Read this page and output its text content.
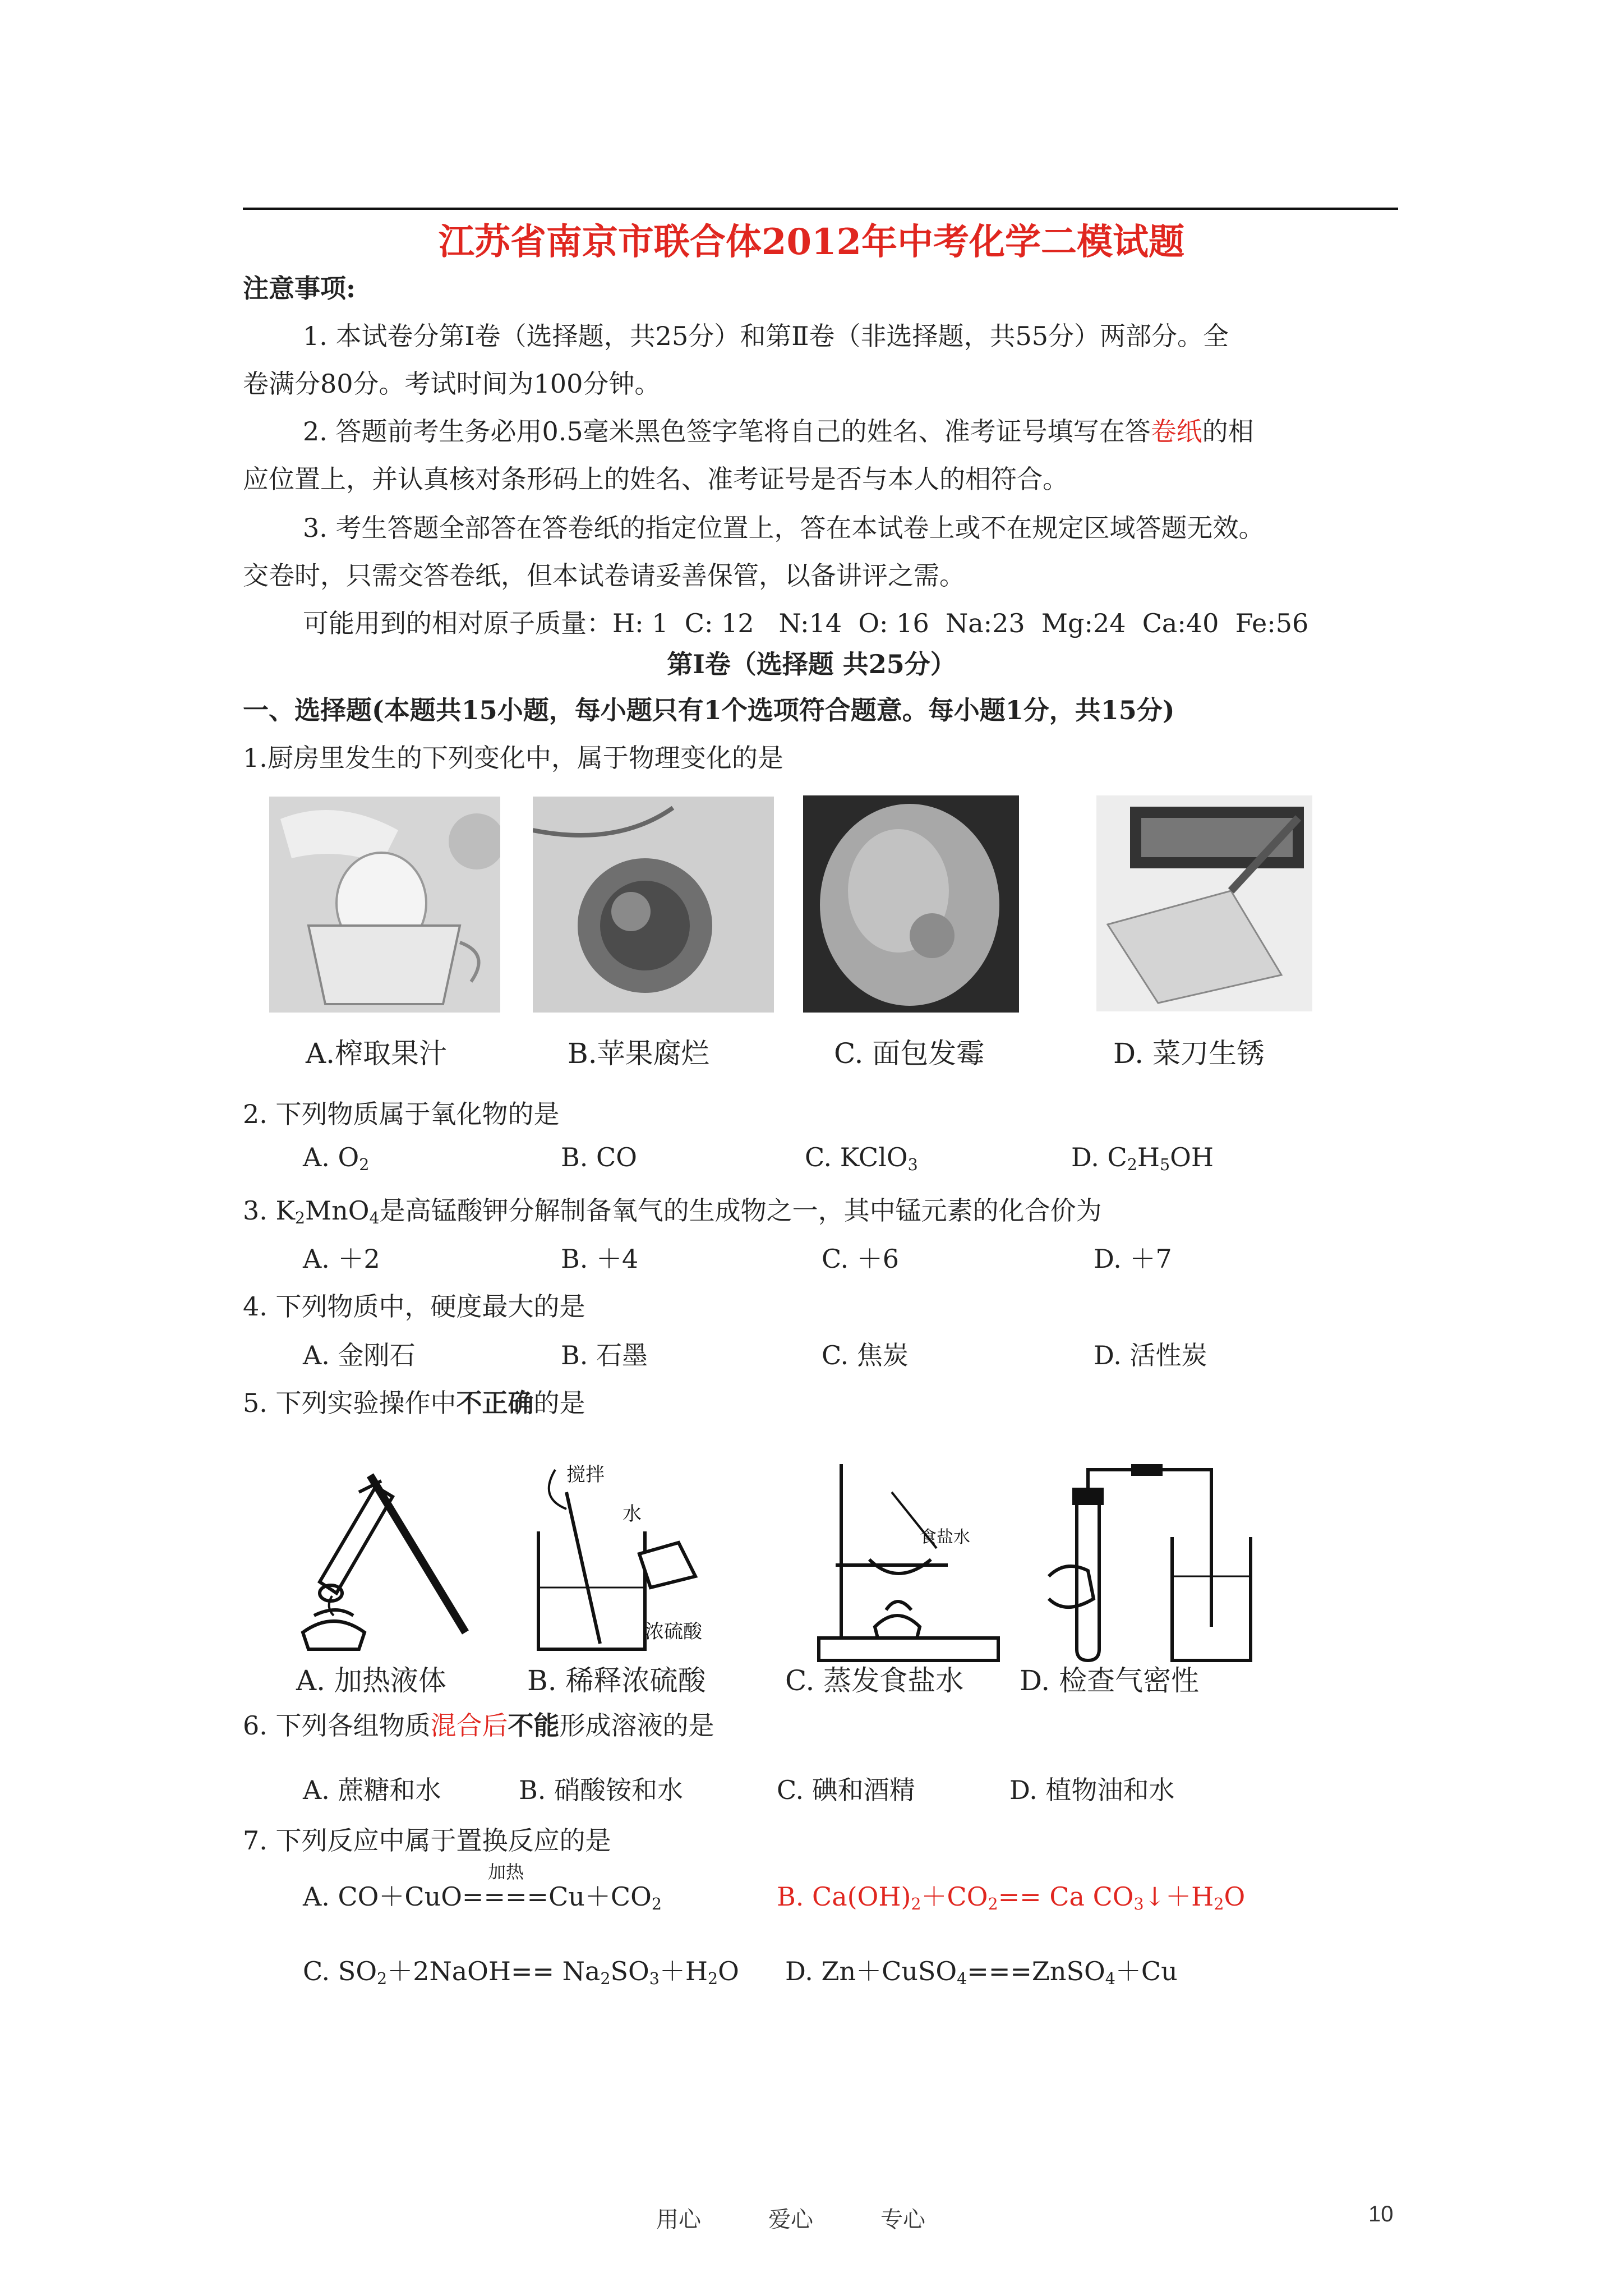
江苏省南京市联合体2012年中考化学二模试题
注意事项:
1. 本试卷分第Ⅰ卷（选择题，共25分）和第Ⅱ卷（非选择题，共55分）两部分。全
卷满分80分。考试时间为100分钟。
2. 答题前考生务必用0.5毫米黑色签字笔将自己的姓名、准考证号填写在答卷纸的相
应位置上，并认真核对条形码上的姓名、准考证号是否与本人的相符合。
3. 考生答题全部答在答卷纸的指定位置上，答在本试卷上或不在规定区域答题无效。
交卷时，只需交答卷纸，但本试卷请妥善保管，以备讲评之需。
可能用到的相对原子质量：H: 1  C: 12   N:14  O: 16  Na:23  Mg:24  Ca:40  Fe:56
第Ⅰ卷（选择题 共25分）
一、选择题(本题共15小题，每小题只有1个选项符合题意。每小题1分，共15分)
1.厨房里发生的下列变化中，属于物理变化的是
A.榨取果汁	B.苹果腐烂	C. 面包发霉	D. 菜刀生锈
2. 下列物质属于氧化物的是
A. $O_2$	B. CO	C. KClO$_3$	D. $C_2H_5OH$
3. $K_2MnO_4$是高锰酸钾分解制备氧气的生成物之一，其中锰元素的化合价为
A. ＋2	B. ＋4	C. ＋6	D. ＋7
4. 下列物质中，硬度最大的是
A. 金刚石	B. 石墨	C. 焦炭	D. 活性炭
5. 下列实验操作中不正确的是
搅拌
水
浓硫酸
食盐水
A. 加热液体	B. 稀释浓硫酸	C. 蒸发食盐水 D. 检查气密性
6. 下列各组物质混合后不能形成溶液的是
A. 蔗糖和水	B. 硝酸铵和水	C. 碘和酒精	D. 植物油和水
7. 下列反应中属于置换反应的是
加热
A. $CO+CuO====Cu+CO_2$	B. $Ca(OH)_2+CO_2== Ca$ $CO_3↓+H_2O$
C. $SO_2+2NaOH== Na_2SO_3+H_2O$ D. Zn＋CuSO$_4$===ZnSO$_4$＋Cu
用心	爱心	专心	10
